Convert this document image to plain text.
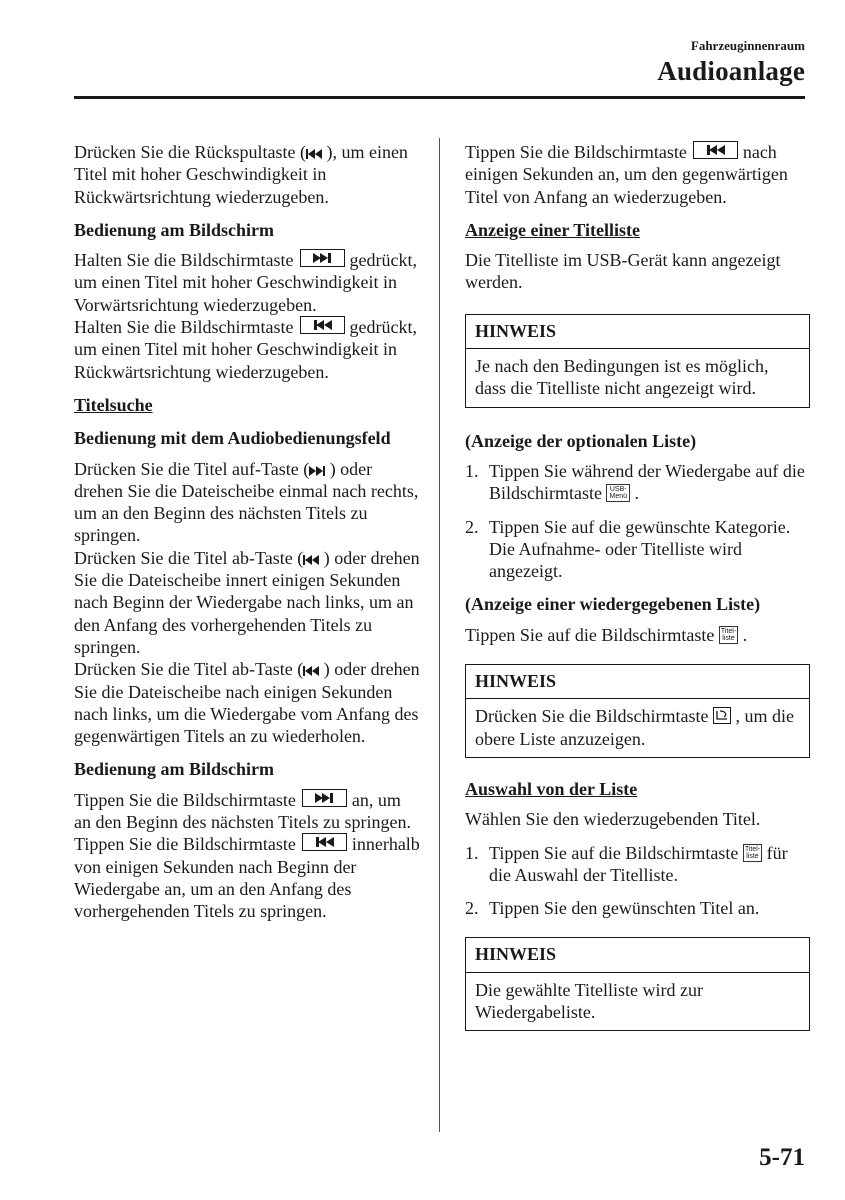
Fahrzeuginnenraum
Audioanlage

Drücken Sie die Rückspultaste ( ), um einen Titel mit hoher Geschwindigkeit in Rückwärtsrichtung wiederzugeben.

Bedienung am Bildschirm

Halten Sie die Bildschirmtaste	gedrückt, um einen Titel mit hoher Geschwindigkeit in Vorwärtsrichtung wiederzugeben.

Halten Sie die Bildschirmtaste	gedrückt, um einen Titel mit hoher Geschwindigkeit in Rückwärtsrichtung wiederzugeben.

Titelsuche

Bedienung mit dem Audiobedienungsfeld

Drücken Sie die Titel auf-Taste ( ) oder drehen Sie die Dateischeibe einmal nach rechts, um an den Beginn des nächsten Titels zu springen.

Drücken Sie die Titel ab-Taste ( ) oder drehen Sie die Dateischeibe innert einigen Sekunden nach Beginn der Wiedergabe nach links, um an den Anfang des vorhergehenden Titels zu springen.

Drücken Sie die Titel ab-Taste ( ) oder drehen Sie die Dateischeibe nach einigen Sekunden nach links, um die Wiedergabe vom Anfang des gegenwärtigen Titels an zu wiederholen.

Bedienung am Bildschirm

Tippen Sie die Bildschirmtaste	an, um an den Beginn des nächsten Titels zu springen.

Tippen Sie die Bildschirmtaste	innerhalb von einigen Sekunden nach Beginn der Wiedergabe an, um an den Anfang des vorhergehenden Titels zu springen.

Tippen Sie die Bildschirmtaste	nach einigen Sekunden an, um den gegenwärtigen Titel von Anfang an wiederzugeben.

Anzeige einer Titelliste

Die Titelliste im USB-Gerät kann angezeigt werden.

HINWEIS
Je nach den Bedingungen ist es möglich, dass die Titelliste nicht angezeigt wird.

(Anzeige der optionalen Liste)

1. Tippen Sie während der Wiedergabe auf die Bildschirmtaste USB-
Menü .
2. Tippen Sie auf die gewünschte Kategorie. Die Aufnahme- oder Titelliste wird angezeigt.

(Anzeige einer wiedergegebenen Liste)

Tippen Sie auf die Bildschirmtaste Titel-
liste .

HINWEIS
Drücken Sie die Bildschirmtaste  , um die obere Liste anzuzeigen.

Auswahl von der Liste

Wählen Sie den wiederzugebenden Titel.

1. Tippen Sie auf die Bildschirmtaste Titel-
liste für die Auswahl der Titelliste.
2. Tippen Sie den gewünschten Titel an.
HINWEIS
Die gewählte Titelliste wird zur Wiedergabeliste.
5-71
